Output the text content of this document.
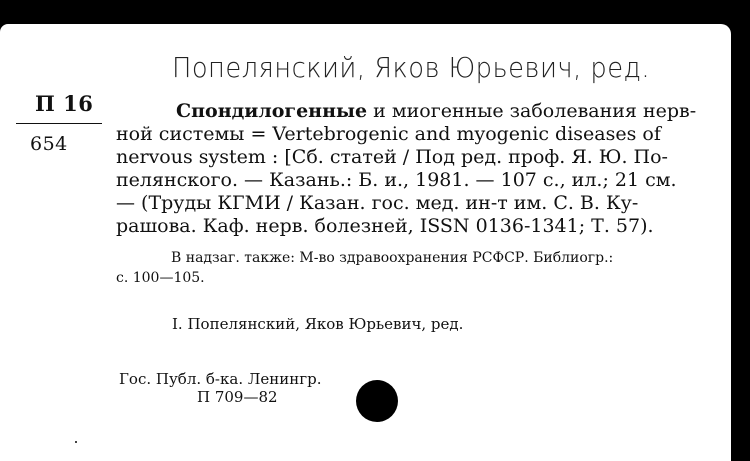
Попелянский, Яков Юрьевич, ред.
П 16
654
Спондилогенные и миогенные заболевания нерв-
ной системы = Vertebrogenic and myogenic diseases of
nervous system : [Сб. статей / Под ред. проф. Я. Ю. По-
пелянского. — Казань.: Б. и., 1981. — 107 с., ил.; 21 см.
— (Труды КГМИ / Казан. гос. мед. ин-т им. С. В. Ку-
рашова. Каф. нерв. болезней, ISSN 0136-1341; Т. 57).
В надзаг. также: М-во здравоохранения РСФСР. Библиогр.:
с. 100—105.
I. Попелянский, Яков Юрьевич, ред.
Гос. Публ. б-ка. Ленингр.
П 709—82
